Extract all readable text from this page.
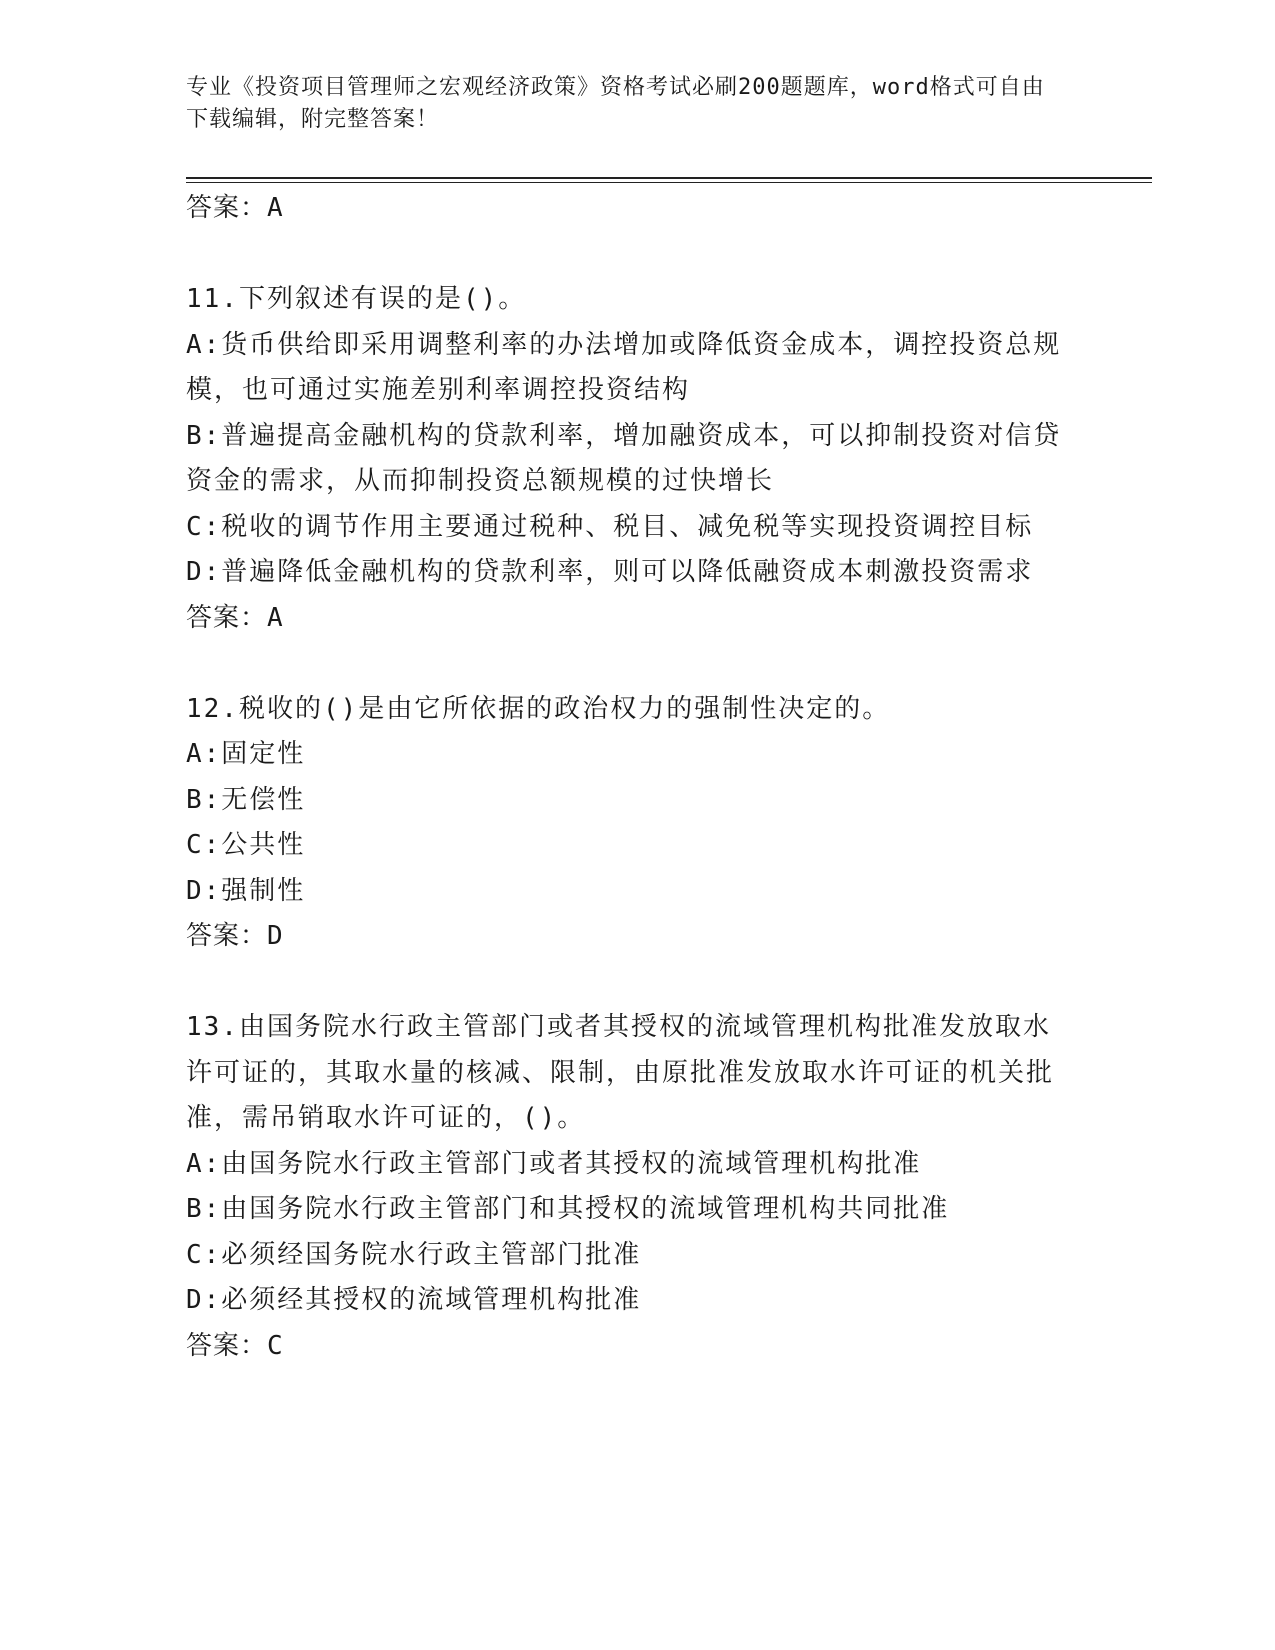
专业《投资项目管理师之宏观经济政策》资格考试必刷200题题库，word格式可自由下载编辑，附完整答案！
答案：A
11.下列叙述有误的是()。
A:货币供给即采用调整利率的办法增加或降低资金成本，调控投资总规模，也可通过实施差别利率调控投资结构
B:普遍提高金融机构的贷款利率，增加融资成本，可以抑制投资对信贷资金的需求，从而抑制投资总额规模的过快增长
C:税收的调节作用主要通过税种、税目、减免税等实现投资调控目标
D:普遍降低金融机构的贷款利率，则可以降低融资成本刺激投资需求
答案：A
12.税收的()是由它所依据的政治权力的强制性决定的。
A:固定性
B:无偿性
C:公共性
D:强制性
答案：D
13.由国务院水行政主管部门或者其授权的流域管理机构批准发放取水许可证的，其取水量的核减、限制，由原批准发放取水许可证的机关批准，需吊销取水许可证的，()。
A:由国务院水行政主管部门或者其授权的流域管理机构批准
B:由国务院水行政主管部门和其授权的流域管理机构共同批准
C:必须经国务院水行政主管部门批准
D:必须经其授权的流域管理机构批准
答案：C
